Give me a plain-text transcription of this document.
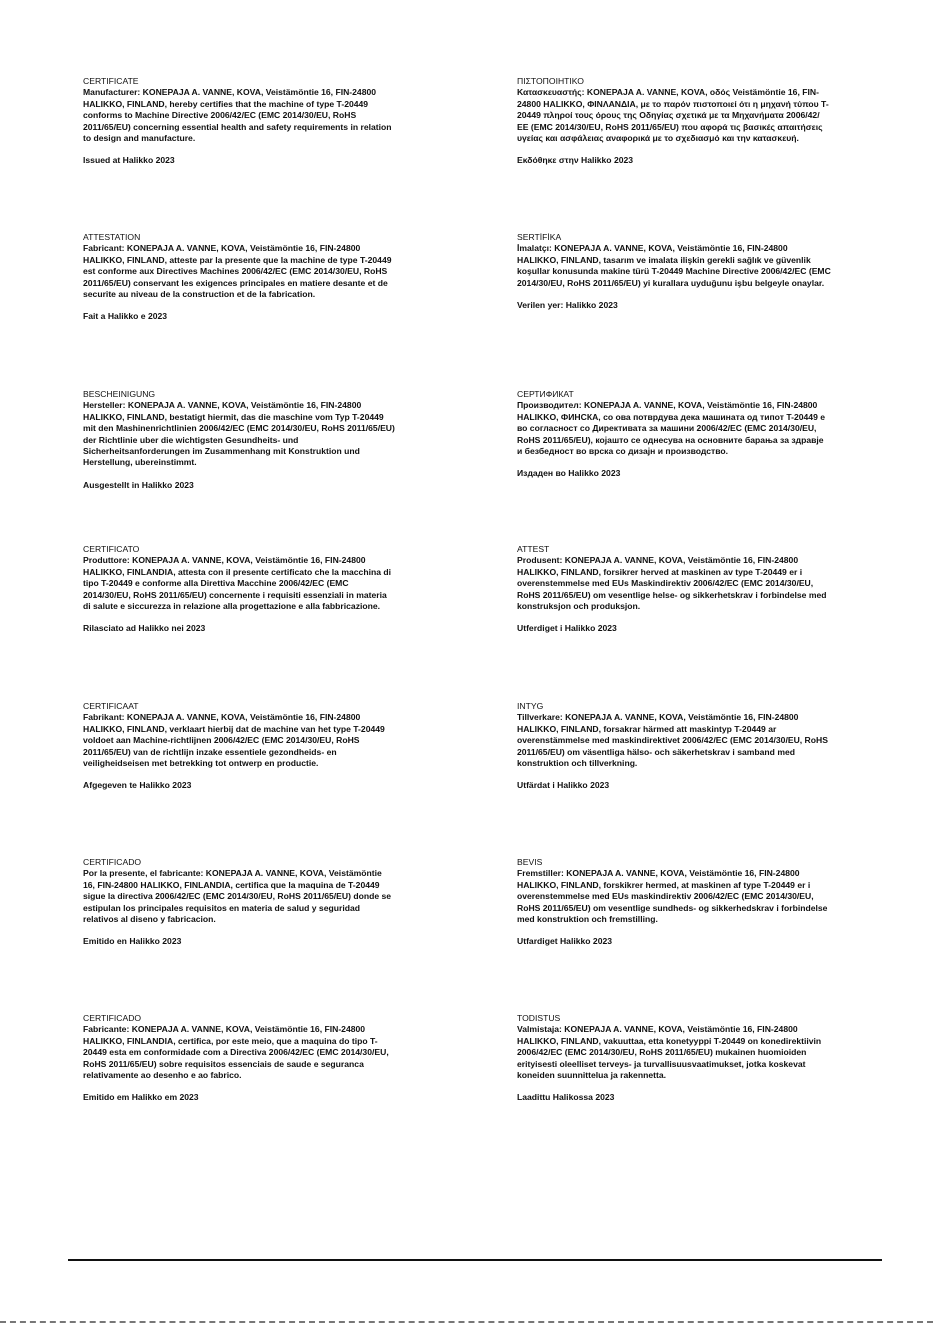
CERTIFICATE
Manufacturer: KONEPAJA A. VANNE, KOVA, Veistämöntie 16, FIN-24800 HALIKKO, FINLAND, hereby certifies that the machine of type T-20449 conforms to Machine Directive 2006/42/EC (EMC 2014/30/EU, RoHS 2011/65/EU) concerning essential health and safety requirements in relation to design and manufacture.
Issued at Halikko 2023
ΠΙΣΤΟΠΟΙΗΤΙΚΟ
Κατασκευαστής: KONEPAJA A. VANNE, KOVA, οδός Veistämöntie 16, FIN-24800 HALIKKO, ΦΙΝΛΑΝΔΙΑ, με το παρόν πιστοποιεί ότι η μηχανή τύπου T-20449 πληροί τους όρους της Οδηγίας σχετικά με τα Μηχανήματα 2006/42/ΕΕ (EMC 2014/30/EU, RoHS 2011/65/EU) που αφορά τις βασικές απαιτήσεις υγείας και ασφάλειας αναφορικά με το σχεδιασμό και την κατασκευή.
Εκδόθηκε στην Halikko 2023
ATTESTATION
Fabricant: KONEPAJA A. VANNE, KOVA, Veistämöntie 16, FIN-24800 HALIKKO, FINLAND, atteste par la presente que la machine de type T-20449 est conforme aux Directives Machines 2006/42/EC (EMC 2014/30/EU, RoHS 2011/65/EU) conservant les exigences principales en matiere desante et de securite au niveau de la construction et de la fabrication.
Fait a Halikko e 2023
SERTİFİKA
İmalatçı: KONEPAJA A. VANNE, KOVA, Veistämöntie 16, FIN-24800 HALIKKO, FINLAND, tasarım ve imalata ilişkin gerekli sağlık ve güvenlik koşullar konusunda makine türü T-20449 Machine Directive 2006/42/EC (EMC 2014/30/EU, RoHS 2011/65/EU) yi kurallara uyduğunu işbu belgeyle onaylar.
Verilen yer: Halikko 2023
BESCHEINIGUNG
Hersteller: KONEPAJA A. VANNE, KOVA, Veistämöntie 16, FIN-24800 HALIKKO, FINLAND, bestatigt hiermit, das die maschine vom Typ T-20449 mit den Mashinenrichtlinien 2006/42/EC (EMC 2014/30/EU, RoHS 2011/65/EU) der Richtlinie uber die wichtigsten Gesundheits- und Sicherheitsanforderungen im Zusammenhang mit Konstruktion und Herstellung, ubereinstimmt.
Ausgestellt in Halikko 2023
СЕРТИФИКАТ
Производител: KONEPAJA A. VANNE, KOVA, Veistämöntie 16, FIN-24800 HALIKKO, ФИНСКА, со ова потврдува дека машината од типот T-20449 е во согласност со Директивата за машини 2006/42/EC (EMC 2014/30/EU, RoHS 2011/65/EU), којашто се однесува на основните барања за здравје и безбедност во врска со дизајн и производство.
Издаден во Halikko 2023
CERTIFICATO
Produttore: KONEPAJA A. VANNE, KOVA, Veistämöntie 16, FIN-24800 HALIKKO, FINLANDIA, attesta con il presente certificato che la macchina di tipo T-20449 e conforme alla Direttiva Macchine 2006/42/EC (EMC 2014/30/EU, RoHS 2011/65/EU) concernente i requisiti essenziali in materia di salute e siccurezza in relazione alla progettazione e alla fabbricazione.
Rilasciato ad Halikko nei 2023
ATTEST
Produsent: KONEPAJA A. VANNE, KOVA, Veistämöntie 16, FIN-24800 HALIKKO, FINLAND, forsikrer herved at maskinen av type T-20449 er i overenstemmelse med EUs Maskindirektiv 2006/42/EC (EMC 2014/30/EU, RoHS 2011/65/EU) om vesentlige helse- og sikkerhetskrav i forbindelse med konstruksjon och produksjon.
Utferdiget i Halikko 2023
CERTIFICAAT
Fabrikant: KONEPAJA A. VANNE, KOVA, Veistämöntie 16, FIN-24800 HALIKKO, FINLAND, verklaart hierbij dat de machine van het type T-20449 voldoet aan Machine-richtlijnen 2006/42/EC (EMC 2014/30/EU, RoHS 2011/65/EU) van de richtlijn inzake essentiele gezondheids- en veiligheidseisen met betrekking tot ontwerp en productie.
Afgegeven te Halikko 2023
INTYG
Tillverkare: KONEPAJA A. VANNE, KOVA, Veistämöntie 16, FIN-24800 HALIKKO, FINLAND, forsakrar härmed att maskintyp T-20449 ar overenstämmelse med maskindirektivet 2006/42/EC (EMC 2014/30/EU, RoHS 2011/65/EU) om väsentliga hälso- och säkerhetskrav i samband med konstruktion och tillverkning.
Utfärdat i Halikko 2023
CERTIFICADO
Por la presente, el fabricante: KONEPAJA A. VANNE, KOVA, Veistämöntie 16, FIN-24800 HALIKKO, FINLANDIA, certifica que la maquina de T-20449 sigue la directiva 2006/42/EC (EMC 2014/30/EU, RoHS 2011/65/EU) donde se estipulan los principales requisitos en materia de salud y seguridad relativos al diseno y fabricacion.
Emitido en Halikko 2023
BEVIS
Fremstiller: KONEPAJA A. VANNE, KOVA, Veistämöntie 16, FIN-24800 HALIKKO, FINLAND, forskikrer hermed, at maskinen af type T-20449 er i overenstemmelse med EUs maskindirektiv 2006/42/EC (EMC 2014/30/EU, RoHS 2011/65/EU) om vesentlige sundheds- og sikkerhedskrav i forbindelse med konstruktion och fremstilling.
Utfardiget Halikko 2023
CERTIFICADO
Fabricante: KONEPAJA A. VANNE, KOVA, Veistämöntie 16, FIN-24800 HALIKKO, FINLANDIA, certifica, por este meio, que a maquina do tipo T-20449 esta em conformidade com a Directiva 2006/42/EC (EMC 2014/30/EU, RoHS 2011/65/EU) sobre requisitos essenciais de saude e seguranca relativamente ao desenho e ao fabrico.
Emitido em Halikko em 2023
TODISTUS
Valmistaja: KONEPAJA A. VANNE, KOVA, Veistämöntie 16, FIN-24800 HALIKKO, FINLAND, vakuuttaa, etta konetyyppi T-20449 on konedirektiivin 2006/42/EC (EMC 2014/30/EU, RoHS 2011/65/EU) mukainen huomioiden erityisesti oleelliset terveys- ja turvallisuusvaatimukset, jotka koskevat koneiden suunnittelua ja rakennetta.
Laadittu Halikossa 2023
